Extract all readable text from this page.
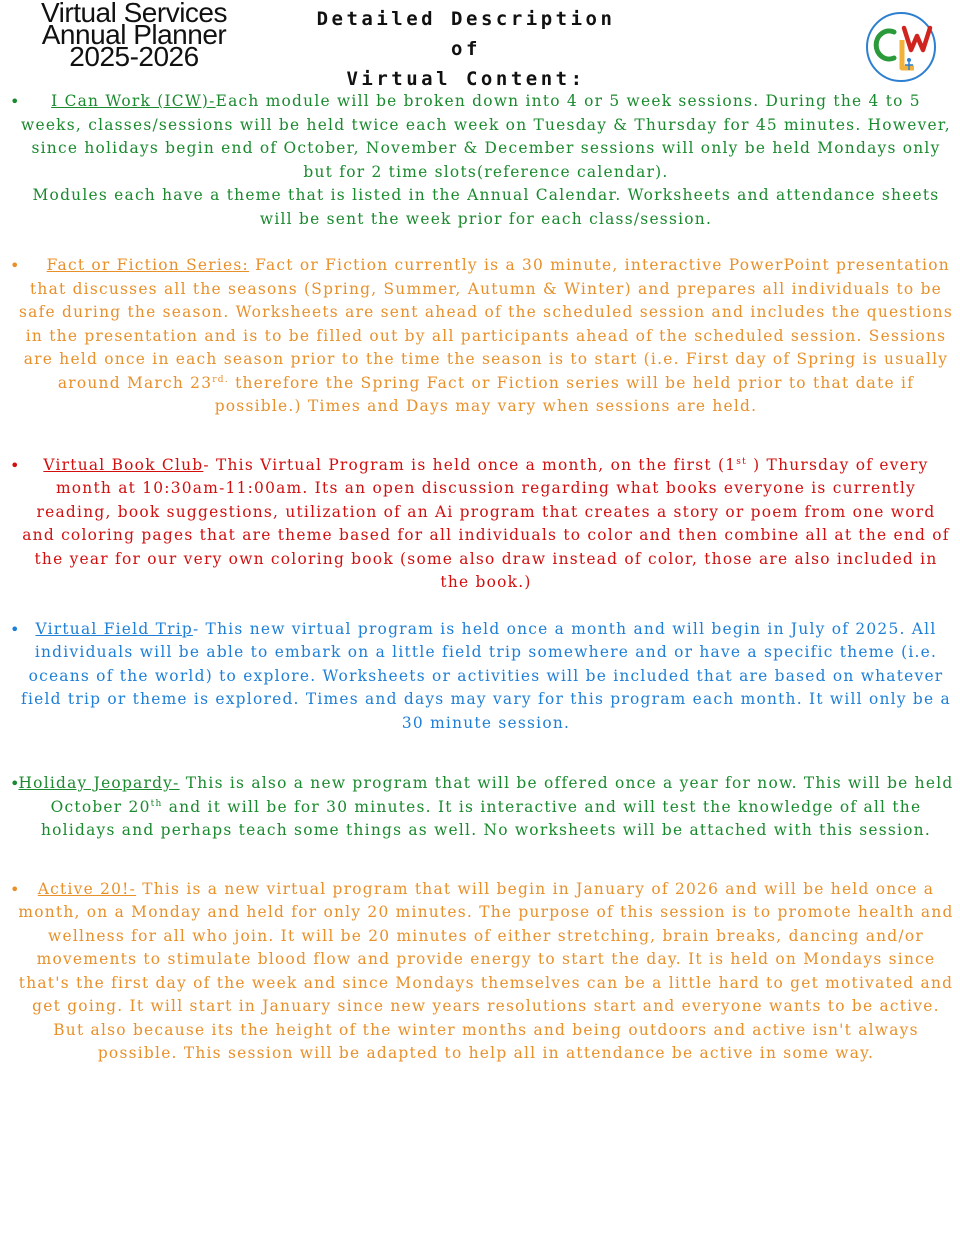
Virtual Services
Annual Planner
2025-2026
Detailed Description of
Virtual Content:
• I Can Work (ICW)-Each module will be broken down into 4 or 5 week sessions. During the 4 to 5 weeks, classes/sessions will be held twice each week on Tuesday & Thursday for 45 minutes. However, since holidays begin end of October, November & December sessions will only be held Mondays only but for 2 time slots(reference calendar).
Modules each have a theme that is listed in the Annual Calendar. Worksheets and attendance sheets will be sent the week prior for each class/session.
• Fact or Fiction Series: Fact or Fiction currently is a 30 minute, interactive PowerPoint presentation that discusses all the seasons (Spring, Summer, Autumn & Winter) and prepares all individuals to be safe during the season. Worksheets are sent ahead of the scheduled session and includes the questions in the presentation and is to be filled out by all participants ahead of the scheduled session. Sessions are held once in each season prior to the time the season is to start (i.e. First day of Spring is usually around March $23^{rd.}$ therefore the Spring Fact or Fiction series will be held prior to that date if possible.) Times and Days may vary when sessions are held.
• Virtual Book Club- This Virtual Program is held once a month, on the first (1st ) Thursday of every month at 10:30am-11:00am. Its an open discussion regarding what books everyone is currently reading, book suggestions, utilization of an Ai program that creates a story or poem from one word and coloring pages that are theme based for all individuals to color and then combine all at the end of the year for our very own coloring book (some also draw instead of color, those are also included in the book.)
• Virtual Field Trip- This new virtual program is held once a month and will begin in July of 2025. All individuals will be able to embark on a little field trip somewhere and or have a specific theme (i.e. oceans of the world) to explore. Worksheets or activities will be included that are based on whatever field trip or theme is explored. Times and days may vary for this program each month. It will only be a 30 minute session.
•
Holiday Jeopardy- This is also a new program that will be offered once a year for now. This will be held October 20th and it will be for 30 minutes. It is interactive and will test the knowledge of all the holidays and perhaps teach some things as well. No worksheets will be attached with this session.
• Active 20!- This is a new virtual program that will begin in January of 2026 and will be held once a month, on a Monday and held for only 20 minutes. The purpose of this session is to promote health and wellness for all who join. It will be 20 minutes of either stretching, brain breaks, dancing and/or movements to stimulate blood flow and provide energy to start the day. It is held on Mondays since that's the first day of the week and since Mondays themselves can be a little hard to get motivated and get going. It will start in January since new years resolutions start and everyone wants to be active. But also because its the height of the winter months and being outdoors and active isn't always possible. This session will be adapted to help all in attendance be active in some way.
